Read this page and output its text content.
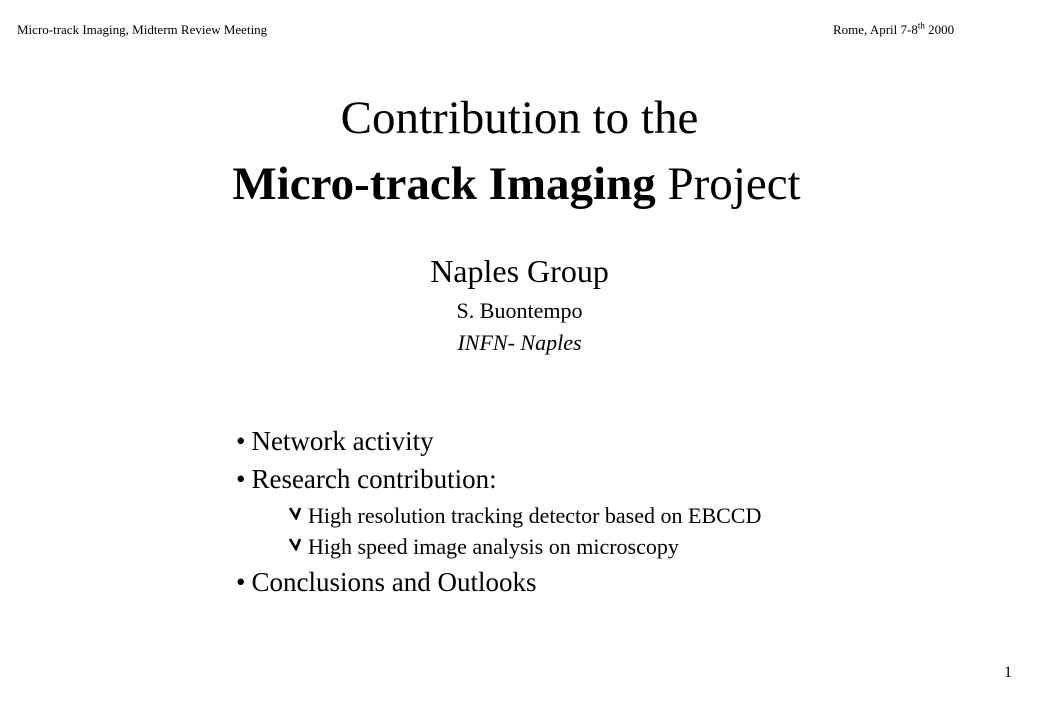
Micro-track Imaging, Midterm Review Meeting	Rome, April 7-8th 2000
Contribution to the
Micro-track Imaging Project
Naples Group
S. Buontempo
INFN- Naples
• Network activity
• Research contribution:
High resolution tracking detector based on EBCCD
High speed image analysis on microscopy
• Conclusions and Outlooks
1
